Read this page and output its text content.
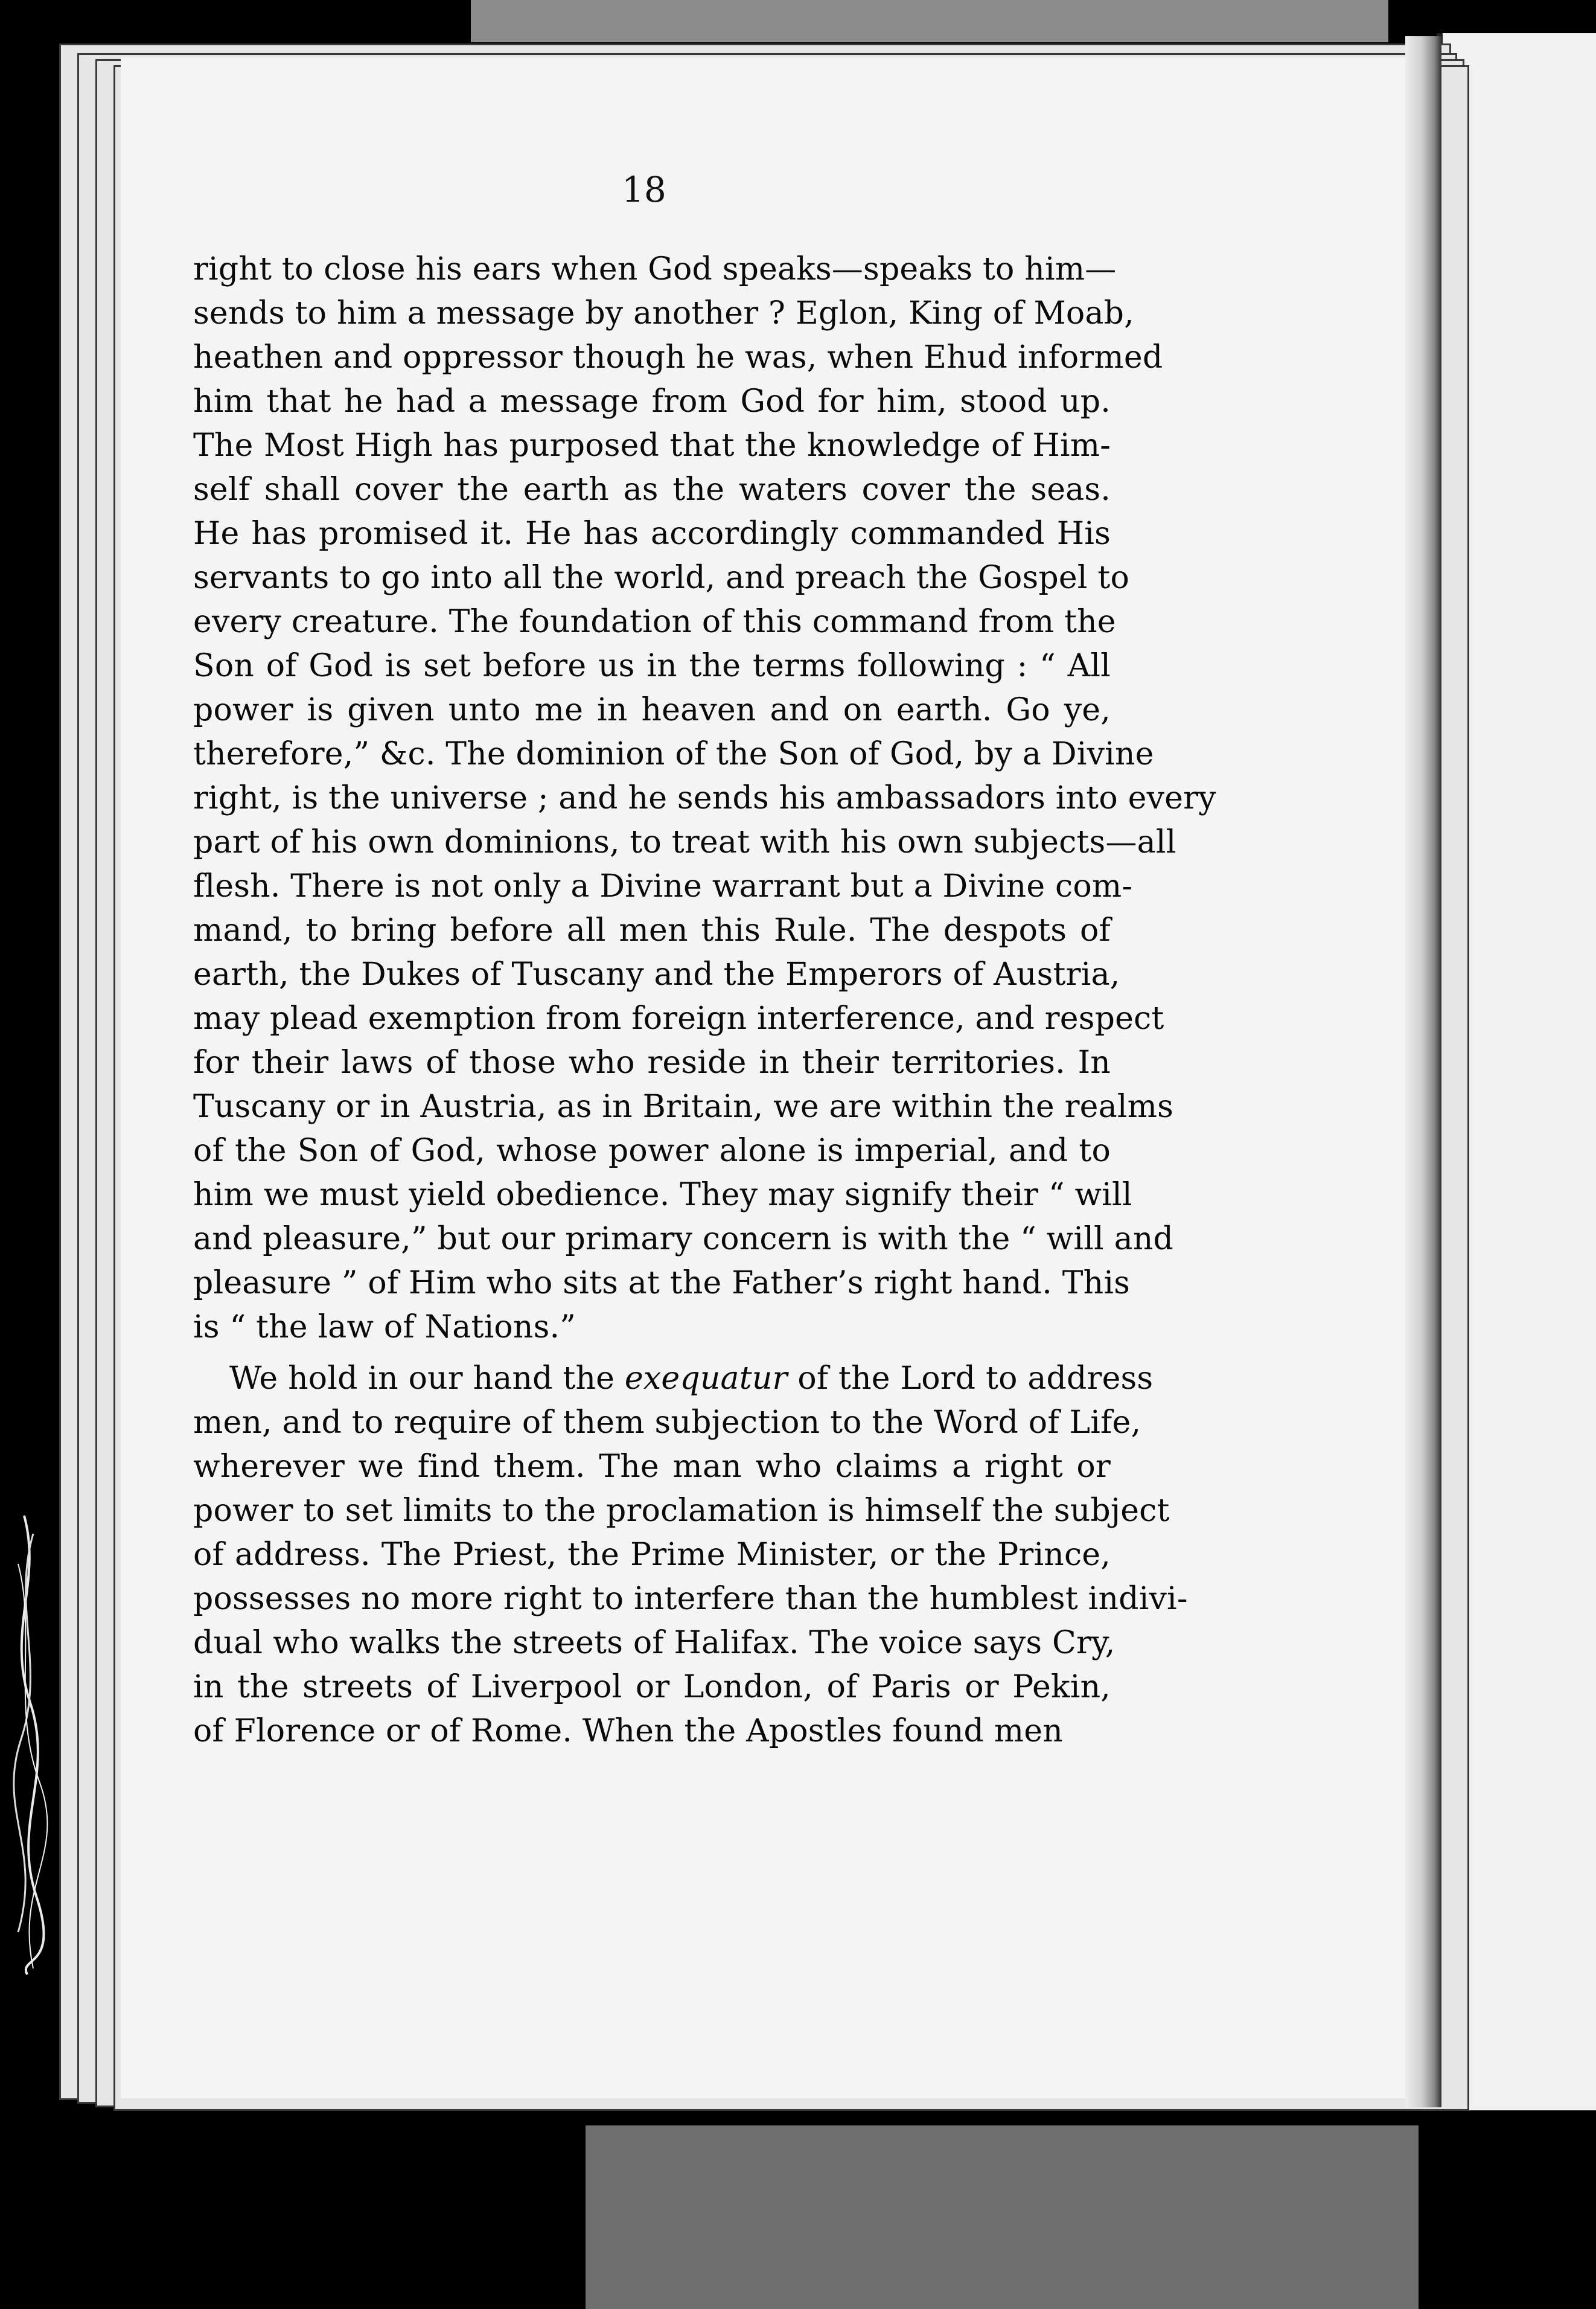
18
right to close his ears when God speaks—speaks to him—
sends to him a message by another ? Eglon, King of Moab,
heathen and oppressor though he was, when Ehud informed
him that he had a message from God for him, stood up.
The Most High has purposed that the knowledge of Him-
self shall cover the earth as the waters cover the seas.
He has promised it. He has accordingly commanded His
servants to go into all the world, and preach the Gospel to
every creature. The foundation of this command from the
Son of God is set before us in the terms following : “ All
power is given unto me in heaven and on earth. Go ye,
therefore,” &c. The dominion of the Son of God, by a Divine
right, is the universe ; and he sends his ambassadors into every
part of his own dominions, to treat with his own subjects—all
flesh. There is not only a Divine warrant but a Divine com-
mand, to bring before all men this Rule. The despots of
earth, the Dukes of Tuscany and the Emperors of Austria,
may plead exemption from foreign interference, and respect
for their laws of those who reside in their territories. In
Tuscany or in Austria, as in Britain, we are within the realms
of the Son of God, whose power alone is imperial, and to
him we must yield obedience. They may signify their “ will
and pleasure,” but our primary concern is with the “ will and
pleasure ” of Him who sits at the Father’s right hand. This
is “ the law of Nations.”
We hold in our hand the exequatur of the Lord to address
men, and to require of them subjection to the Word of Life,
wherever we find them. The man who claims a right or
power to set limits to the proclamation is himself the subject
of address. The Priest, the Prime Minister, or the Prince,
possesses no more right to interfere than the humblest indivi-
dual who walks the streets of Halifax. The voice says Cry,
in the streets of Liverpool or London, of Paris or Pekin,
of Florence or of Rome. When the Apostles found men
